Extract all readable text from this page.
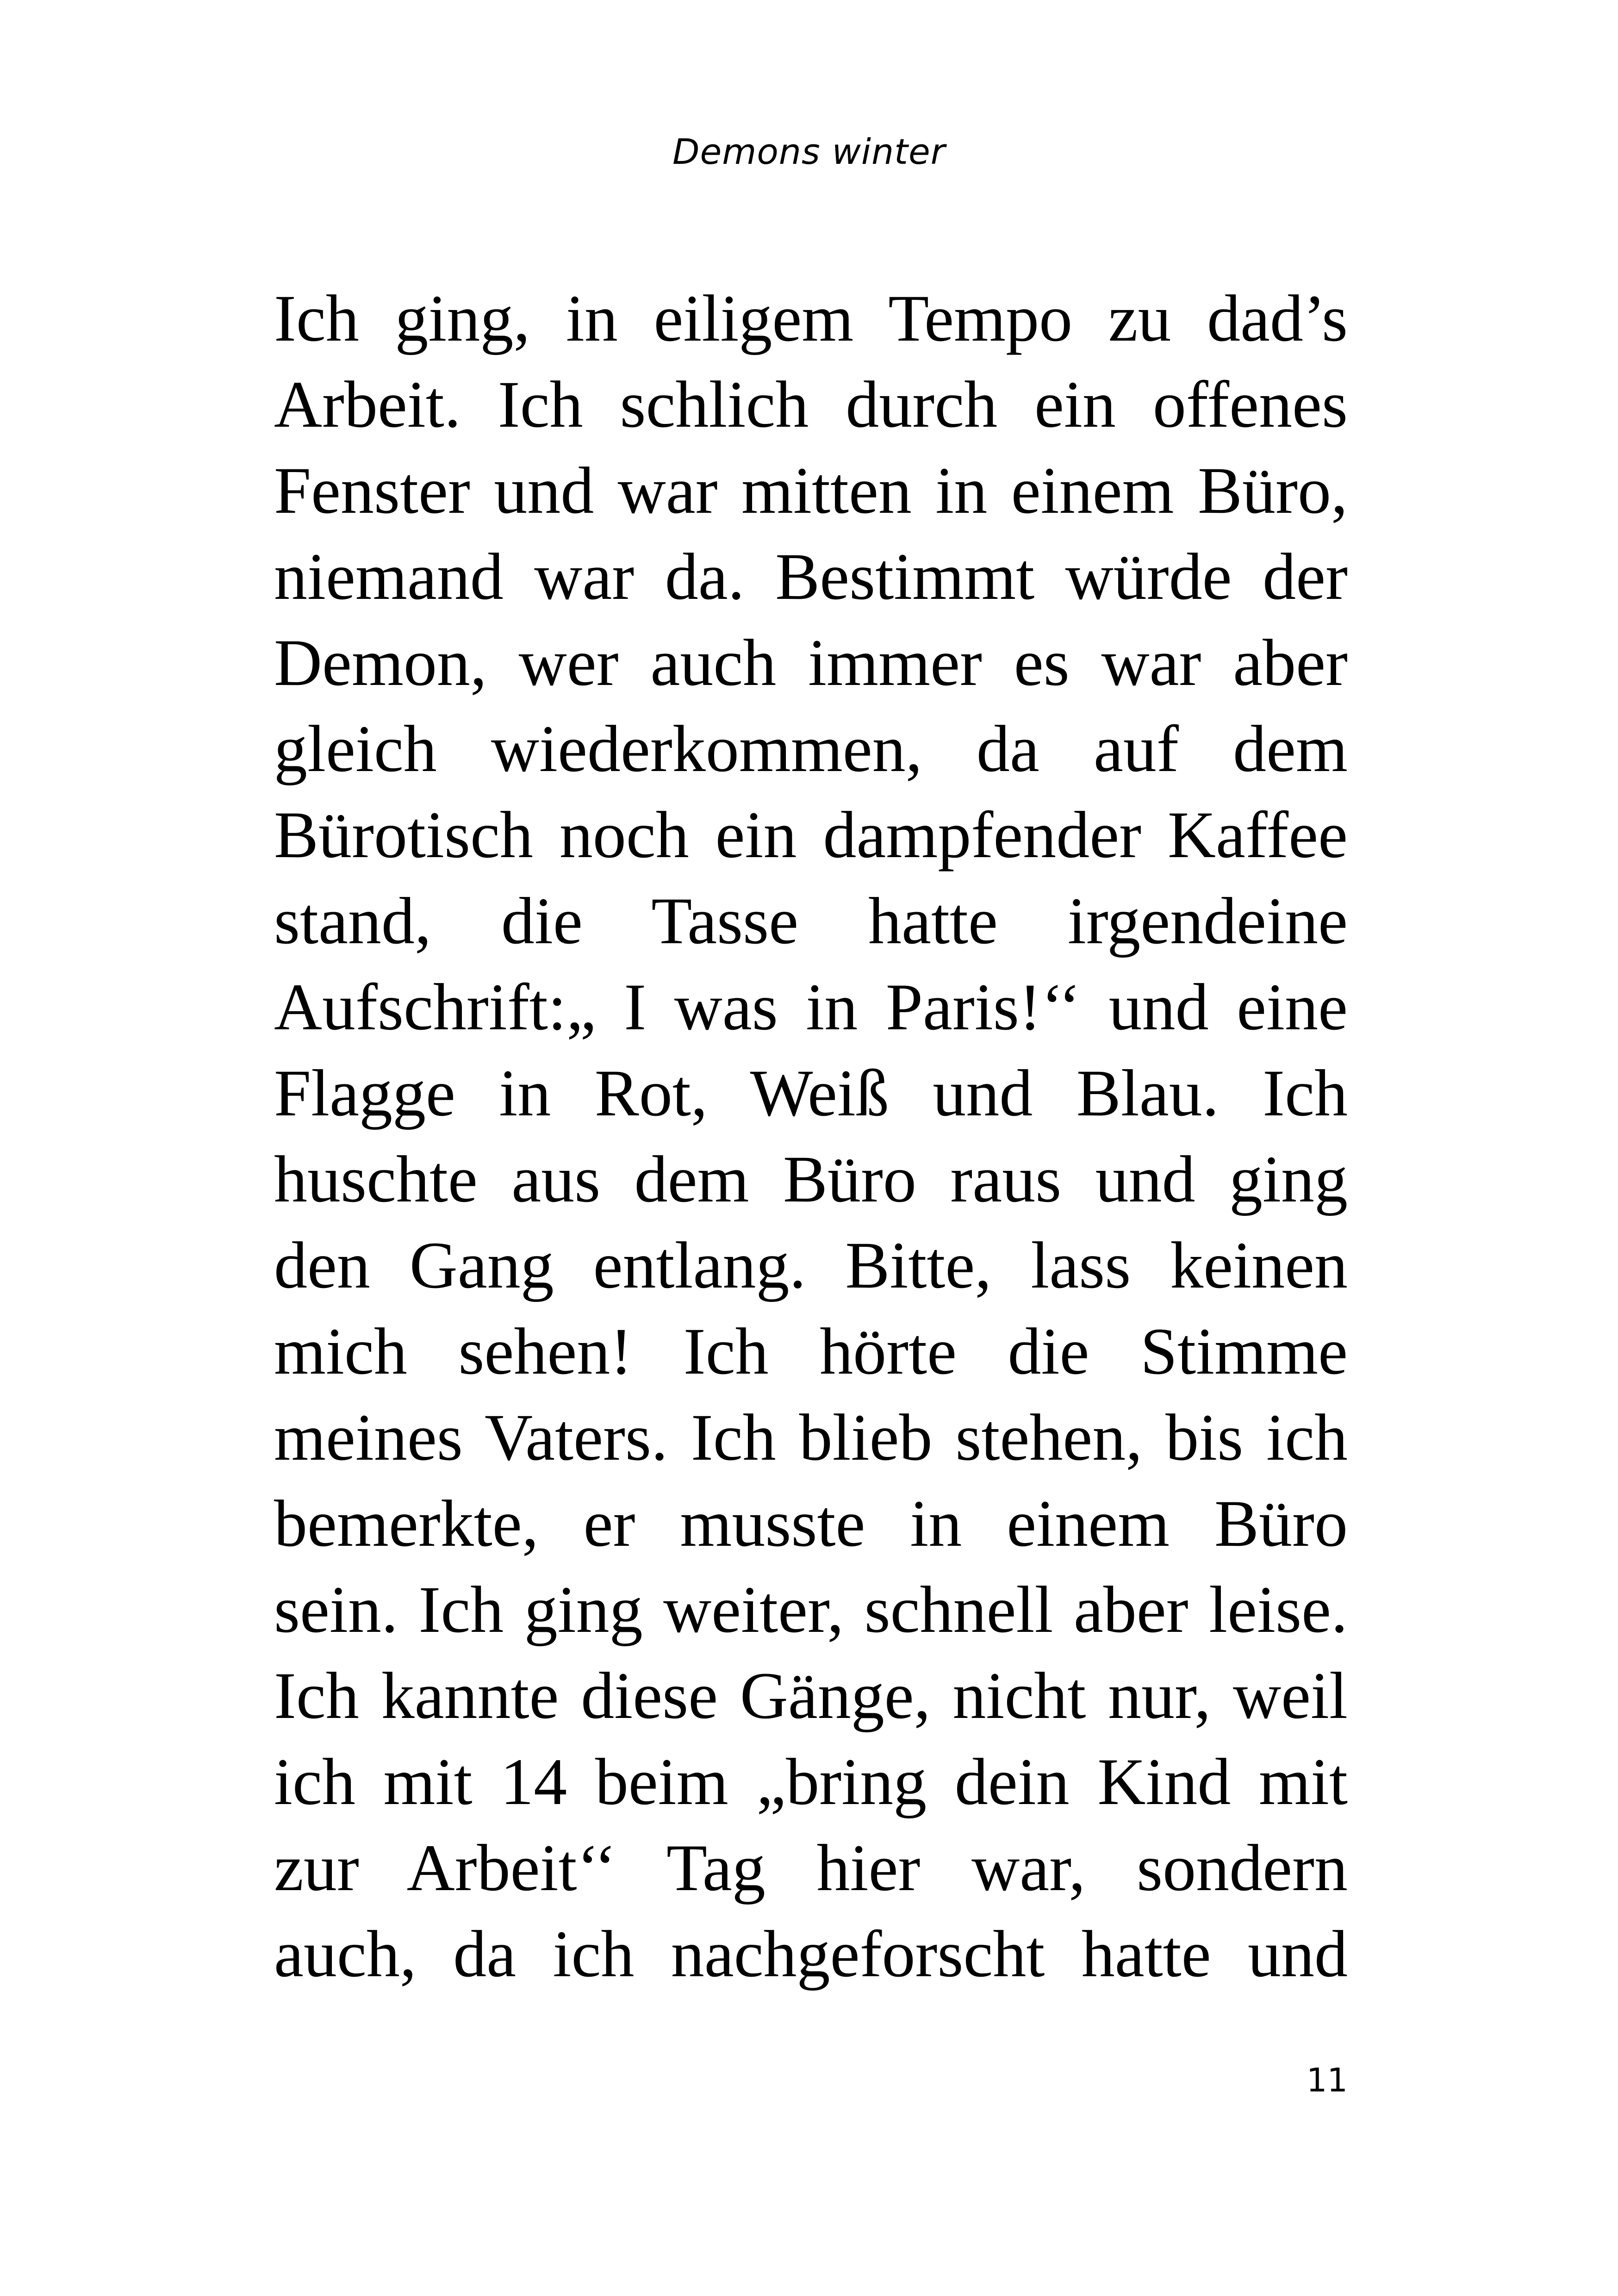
Demons winter
Ich ging, in eiligem Tempo zu dad’s
Arbeit. Ich schlich durch ein offenes
Fenster und war mitten in einem Büro,
niemand war da. Bestimmt würde der
Demon, wer auch immer es war aber
gleich wiederkommen, da auf dem
Bürotisch noch ein dampfender Kaffee
stand, die Tasse hatte irgendeine
Aufschrift:„ I was in Paris!‘‘ und eine
Flagge in Rot, Weiß und Blau. Ich
huschte aus dem Büro raus und ging
den Gang entlang. Bitte, lass keinen
mich sehen! Ich hörte die Stimme
meines Vaters. Ich blieb stehen, bis ich
bemerkte, er musste in einem Büro
sein. Ich ging weiter, schnell aber leise.
Ich kannte diese Gänge, nicht nur, weil
ich mit 14 beim „bring dein Kind mit
zur Arbeit‘‘ Tag hier war, sondern
auch, da ich nachgeforscht hatte und
11
